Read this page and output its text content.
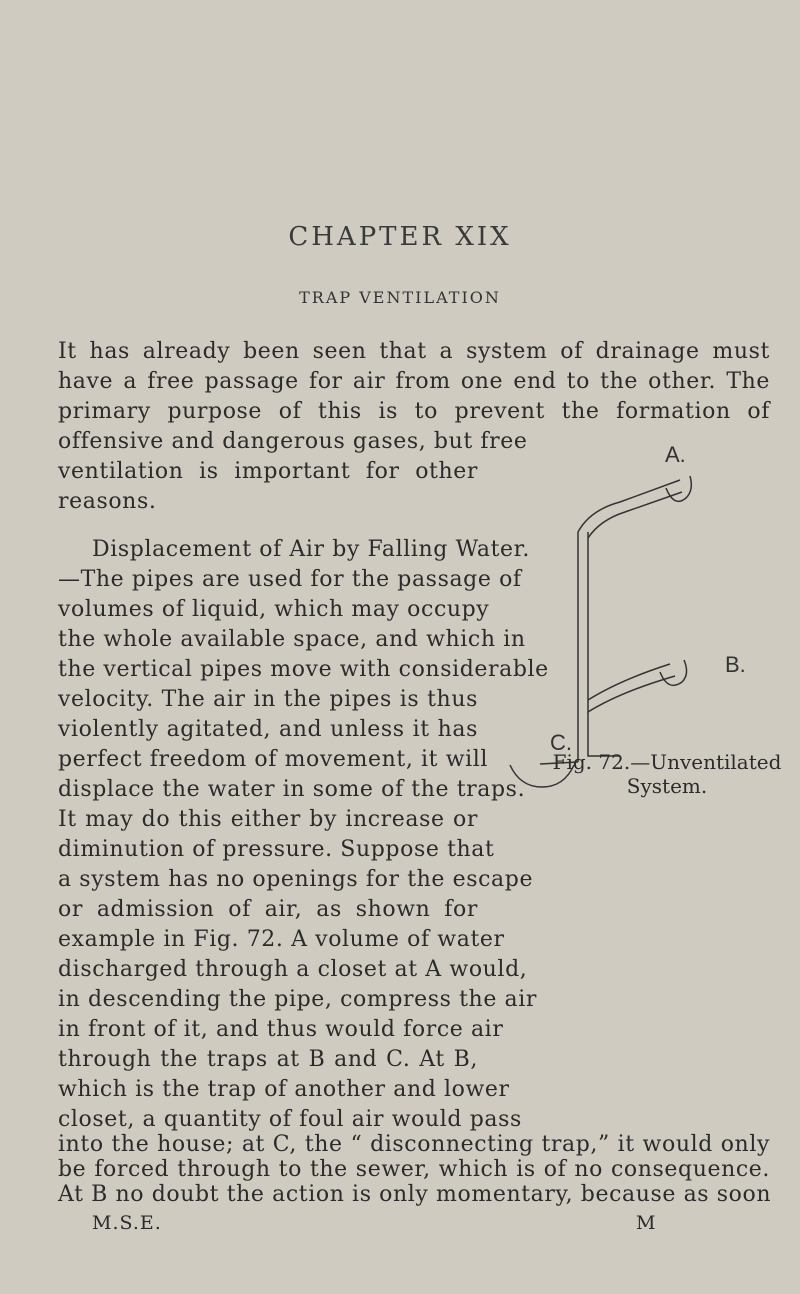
CHAPTER XIX
TRAP VENTILATION
It has already been seen that a system of drainage must
have a free passage for air from one end to the other. The
primary purpose of this is to prevent the formation of
offensive and dangerous gases, but free
ventilation is important for other
reasons.
Displacement of Air by Falling Water.
—The pipes are used for the passage of
volumes of liquid, which may occupy
the whole available space, and which in
the vertical pipes move with considerable
velocity. The air in the pipes is thus
violently agitated, and unless it has
perfect freedom of movement, it will
displace the water in some of the traps.
It may do this either by increase or
diminution of pressure. Suppose that
a system has no openings for the escape
or admission of air, as shown for
example in Fig. 72. A volume of water
discharged through a closet at A would,
in descending the pipe, compress the air
in front of it, and thus would force air
through the traps at B and C. At B,
which is the trap of another and lower
closet, a quantity of foul air would pass
into the house; at C, the “ disconnecting trap,” it would only
A.
B.
C.
Fig. 72.—Unventilated
System.
M.S.E.	M
be forced through to the sewer, which is of no consequence.
At B no doubt the action is only momentary, because as soon
